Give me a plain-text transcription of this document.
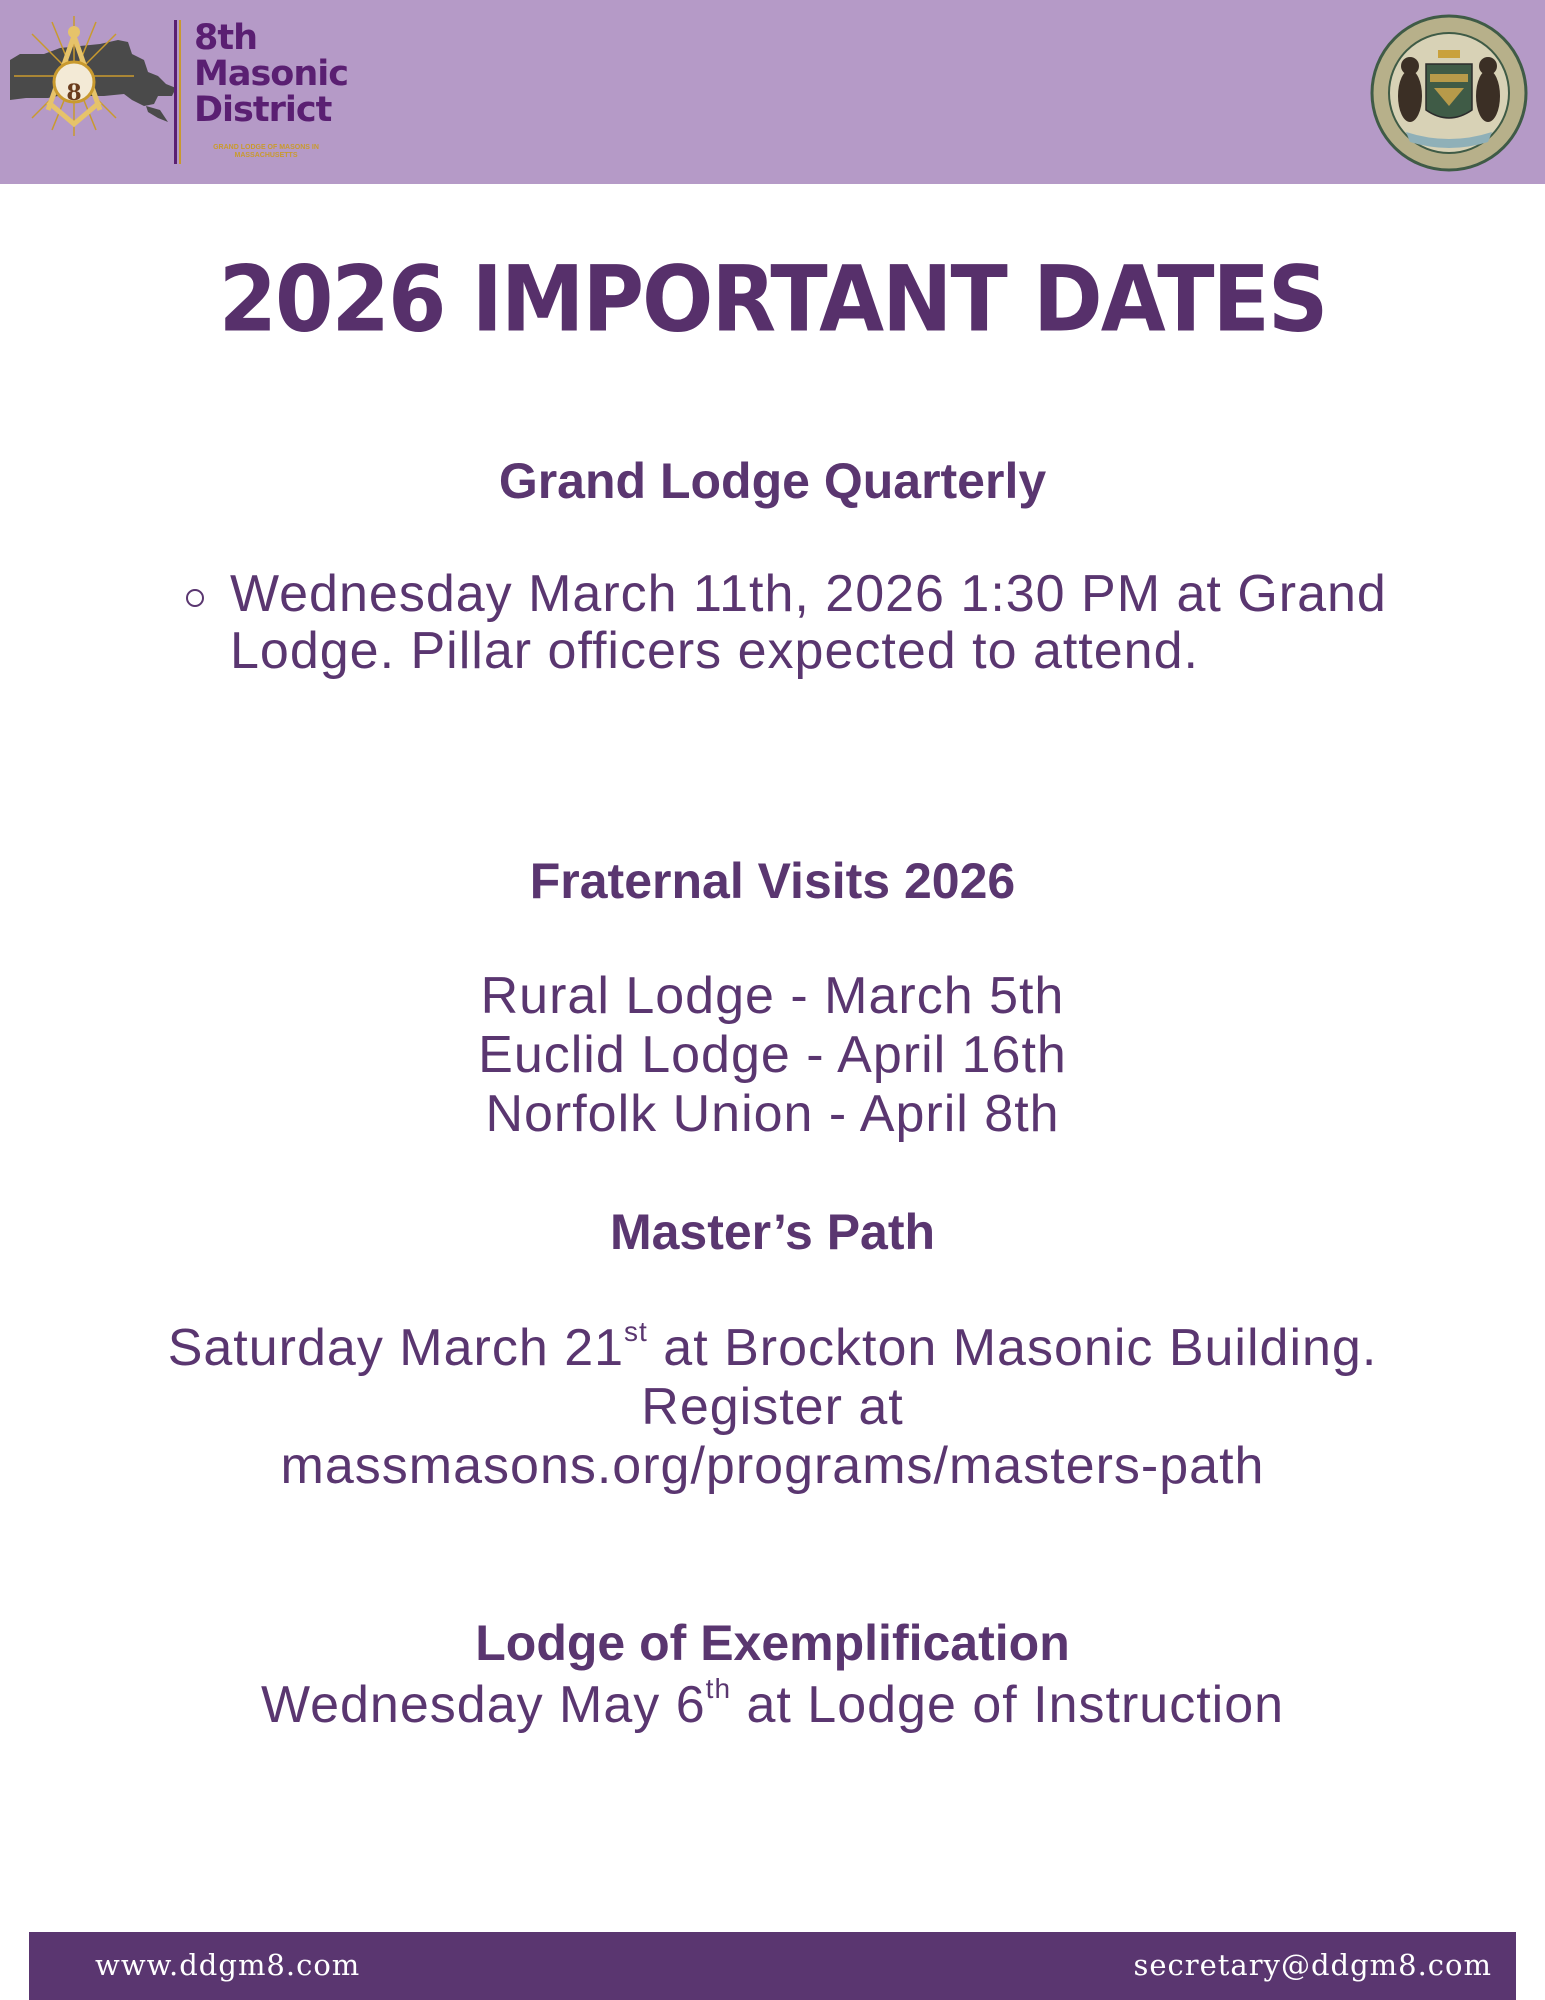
8
8th
Masonic
District
GRAND LODGE OF MASONS IN MASSACHUSETTS
2026 IMPORTANT DATES
Grand Lodge Quarterly
Wednesday March 11th, 2026 1:30 PM at Grand
Lodge. Pillar officers expected to attend.
Fraternal Visits 2026
Rural Lodge - March 5th
Euclid Lodge - April 16th
Norfolk Union - April 8th
Master’s Path
Saturday March 21st at Brockton Masonic Building.
Register at
massmasons.org/programs/masters-path
Lodge of Exemplification
Wednesday May 6th at Lodge of Instruction
www.ddgm8.com	secretary@ddgm8.com
